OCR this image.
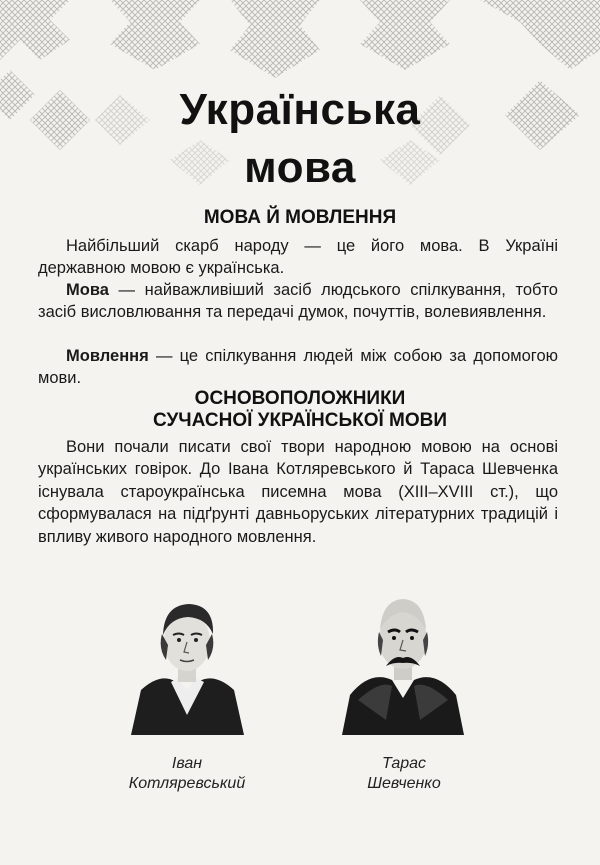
Українська
мова
МОВА Й МОВЛЕННЯ
Найбільший скарб народу — це його мова. В Україні державною мовою є українська.
Мова — найважливіший засіб людського спілкування, тобто засіб висловлювання та передачі думок, почуттів, волевиявлення.
Мовлення — це спілкування людей між собою за допомогою мови.
ОСНОВОПОЛОЖНИКИ
СУЧАСНОЇ УКРАЇНСЬКОЇ МОВИ
Вони почали писати свої твори народною мовою на основі українських говірок. До Івана Котляревського й Тараса Шевченка існувала староукраїнська писемна мова (XIII–XVIII ст.), що сформувалася на підґрунті давньоруських літературних традицій і впливу живого народного мовлення.
Іван
Котляревський
Тарас
Шевченко
